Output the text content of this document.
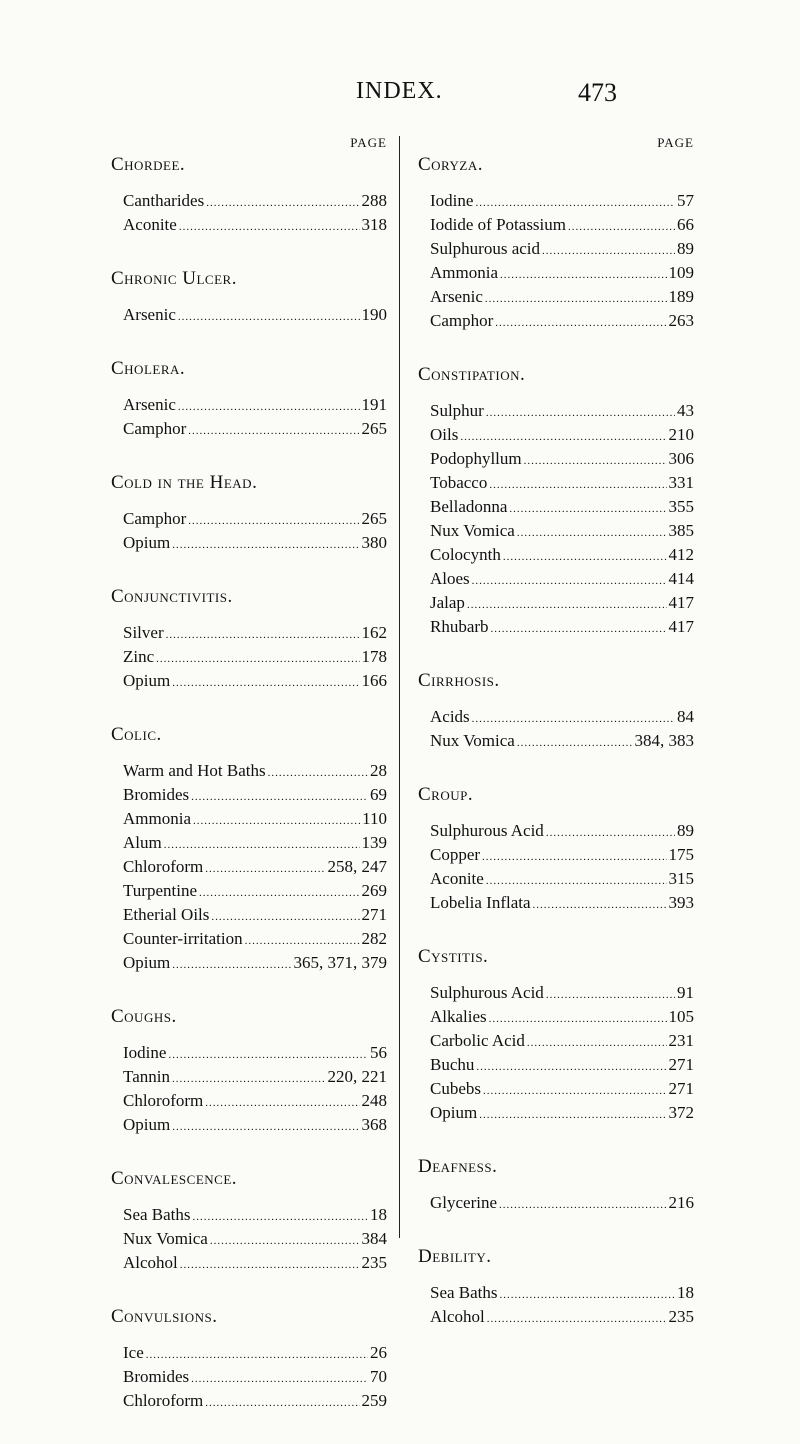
INDEX.	473
PAGE
Chordee.
Cantharides .....	288
Aconite .....	318
Chronic Ulcer.
Arsenic .....	190
Cholera.
Arsenic .....	191
Camphor .....	265
Cold in the Head.
Camphor .....	265
Opium .....	380
Conjunctivitis.
Silver .....	162
Zinc .....	178
Opium .....	166
Colic.
Warm and Hot Baths .....	28
Bromides .....	69
Ammonia .....	110
Alum .....	139
Chloroform .....	258, 247
Turpentine .....	269
Etherial Oils .....	271
Counter-irritation .....	282
Opium .....	365, 371, 379
Coughs.
Iodine .....	56
Tannin .....	220, 221
Chloroform .....	248
Opium .....	368
Convalescence.
Sea Baths .....	18
Nux Vomica .....	384
Alcohol .....	235
Convulsions.
Ice .....	26
Bromides .....	70
Chloroform .....	259
PAGE
Coryza.
Iodine .....	57
Iodide of Potassium .....	66
Sulphurous acid .....	89
Ammonia .....	109
Arsenic .....	189
Camphor .....	263
Constipation.
Sulphur .....	43
Oils .....	210
Podophyllum .....	306
Tobacco .....	331
Belladonna .....	355
Nux Vomica .....	385
Colocynth .....	412
Aloes .....	414
Jalap .....	417
Rhubarb .....	417
Cirrhosis.
Acids .....	84
Nux Vomica .....	384, 383
Croup.
Sulphurous Acid .....	89
Copper .....	175
Aconite .....	315
Lobelia Inflata .....	393
Cystitis.
Sulphurous Acid .....	91
Alkalies .....	105
Carbolic Acid .....	231
Buchu .....	271
Cubebs .....	271
Opium .....	372
Deafness.
Glycerine .....	216
Debility.
Sea Baths .....	18
Alcohol .....	235
